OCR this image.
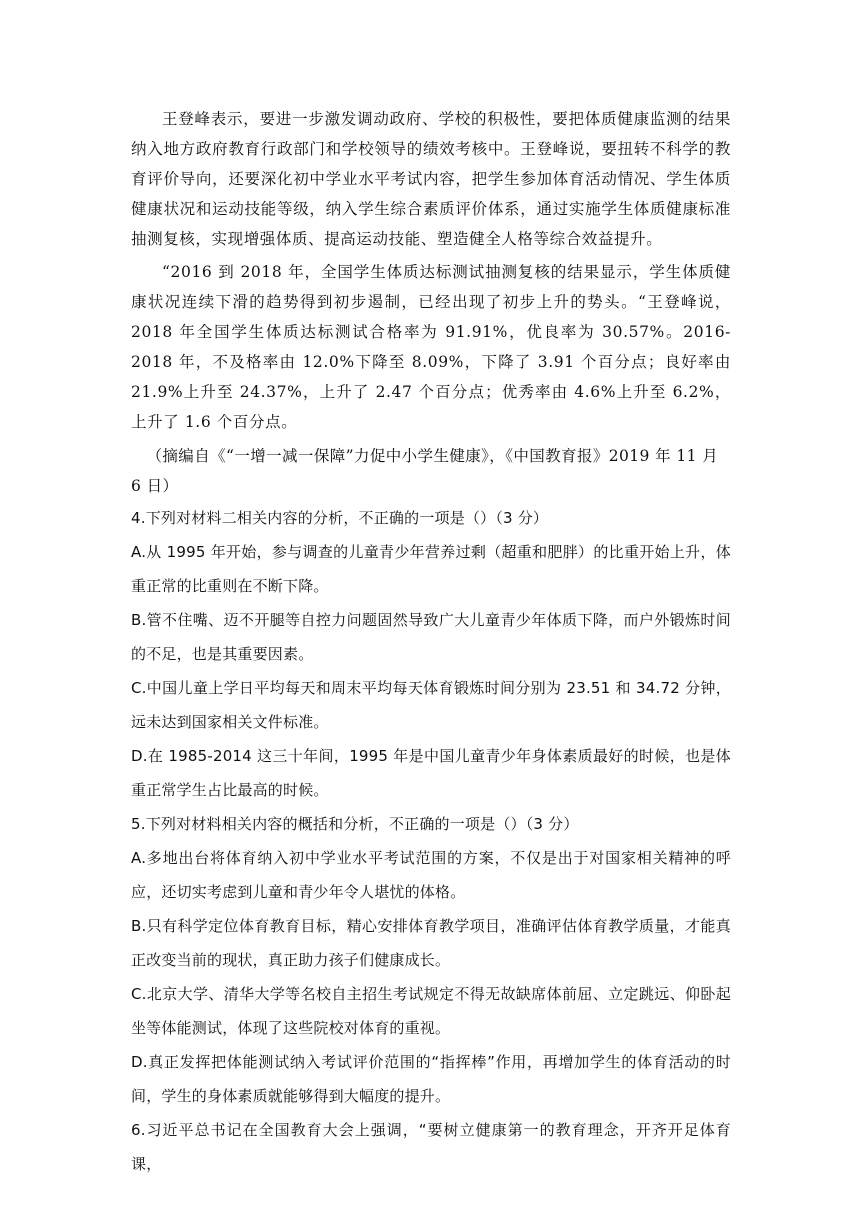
王登峰表示，要进一步激发调动政府、学校的积极性，要把体质健康监测的结果纳入地方政府教育行政部门和学校领导的绩效考核中。王登峰说，要扭转不科学的教育评价导向，还要深化初中学业水平考试内容，把学生参加体育活动情况、学生体质健康状况和运动技能等级，纳入学生综合素质评价体系，通过实施学生体质健康标准抽测复核，实现增强体质、提高运动技能、塑造健全人格等综合效益提升。

“2016 到 2018 年，全国学生体质达标测试抽测复核的结果显示，学生体质健康状况连续下滑的趋势得到初步遏制，已经出现了初步上升的势头。“王登峰说，2018 年全国学生体质达标测试合格率为 91.91%，优良率为 30.57%。2016-2018 年，不及格率由 12.0%下降至 8.09%，下降了 3.91 个百分点；良好率由 21.9%上升至 24.37%，上升了 2.47 个百分点；优秀率由 4.6%上升至 6.2%，上升了 1.6 个百分点。

（摘编自《“一增一减一保障”力促中小学生健康》，《中国教育报》2019 年 11 月 6 日）

4.下列对材料二相关内容的分析，不正确的一项是（）（3 分）

A.从 1995 年开始，参与调查的儿童青少年营养过剩（超重和肥胖）的比重开始上升，体重正常的比重则在不断下降。

B.管不住嘴、迈不开腿等自控力问题固然导致广大儿童青少年体质下降，而户外锻炼时间的不足，也是其重要因素。

C.中国儿童上学日平均每天和周末平均每天体育锻炼时间分别为 23.51 和 34.72 分钟，远未达到国家相关文件标准。

D.在 1985-2014 这三十年间，1995 年是中国儿童青少年身体素质最好的时候，也是体重正常学生占比最高的时候。

5.下列对材料相关内容的概括和分析，不正确的一项是（）（3 分）

A.多地出台将体育纳入初中学业水平考试范围的方案，不仅是出于对国家相关精神的呼应，还切实考虑到儿童和青少年令人堪忧的体格。

B.只有科学定位体育教育目标，精心安排体育教学项目，准确评估体育教学质量，才能真正改变当前的现状，真正助力孩子们健康成长。

C.北京大学、清华大学等名校自主招生考试规定不得无故缺席体前屈、立定跳远、仰卧起坐等体能测试，体现了这些院校对体育的重视。

D.真正发挥把体能测试纳入考试评价范围的“指挥棒”作用，再增加学生的体育活动的时间，学生的身体素质就能够得到大幅度的提升。

6.习近平总书记在全国教育大会上强调，“要树立健康第一的教育理念，开齐开足体育课，
